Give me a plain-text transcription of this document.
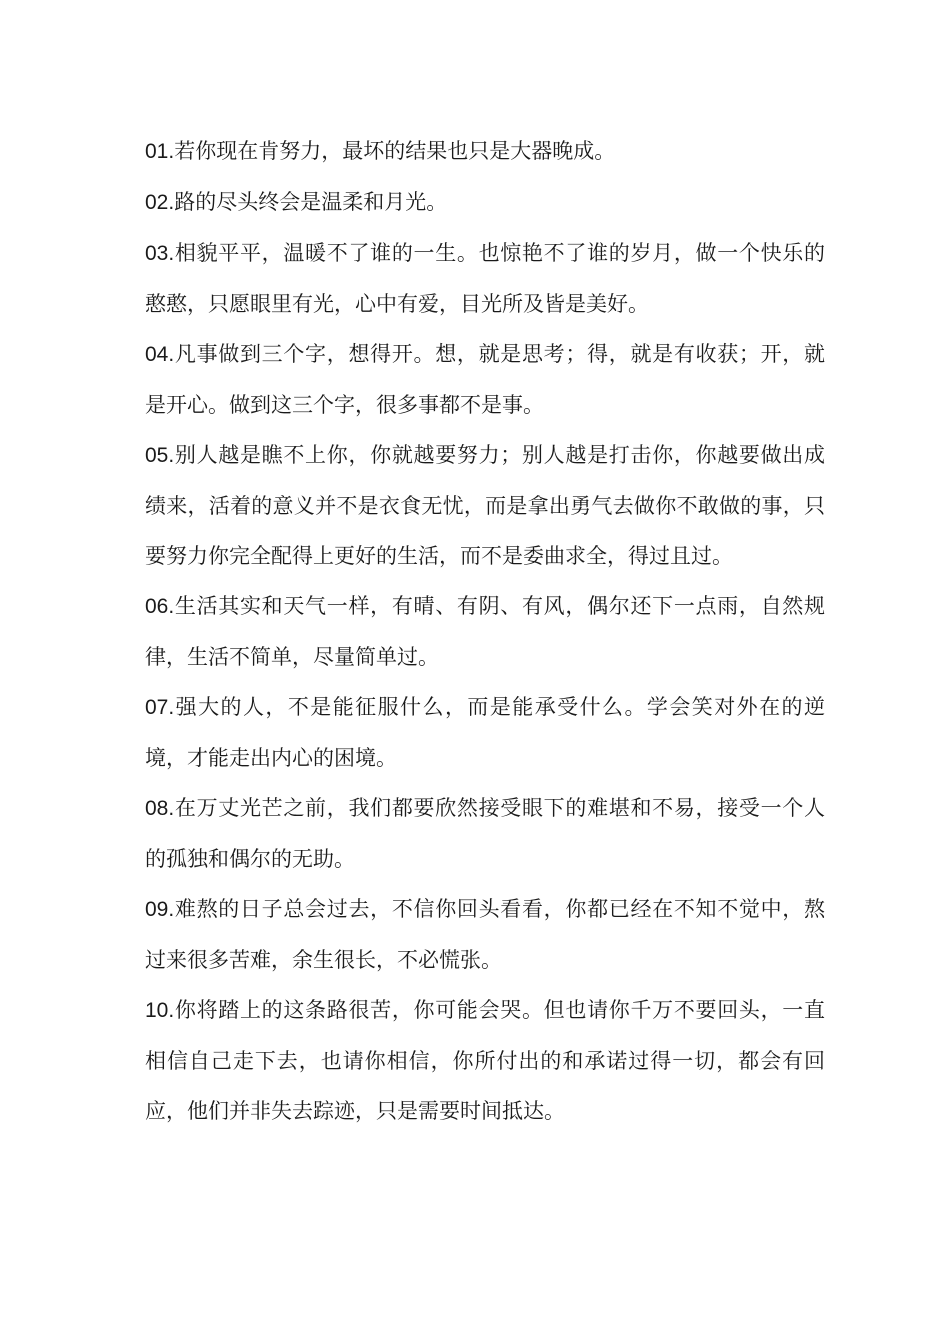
01.若你现在肯努力，最坏的结果也只是大器晚成。

02.路的尽头终会是温柔和月光。

03.相貌平平，温暖不了谁的一生。也惊艳不了谁的岁月，做一个快乐的憨憨，只愿眼里有光，心中有爱，目光所及皆是美好。

04.凡事做到三个字，想得开。想，就是思考；得，就是有收获；开，就是开心。做到这三个字，很多事都不是事。

05.别人越是瞧不上你，你就越要努力；别人越是打击你，你越要做出成绩来，活着的意义并不是衣食无忧，而是拿出勇气去做你不敢做的事，只要努力你完全配得上更好的生活，而不是委曲求全，得过且过。

06.生活其实和天气一样，有晴、有阴、有风，偶尔还下一点雨，自然规律，生活不简单，尽量简单过。

07.强大的人，不是能征服什么，而是能承受什么。学会笑对外在的逆境，才能走出内心的困境。

08.在万丈光芒之前，我们都要欣然接受眼下的难堪和不易，接受一个人的孤独和偶尔的无助。

09.难熬的日子总会过去，不信你回头看看，你都已经在不知不觉中，熬过来很多苦难，余生很长，不必慌张。

10.你将踏上的这条路很苦，你可能会哭。但也请你千万不要回头，一直相信自己走下去，也请你相信，你所付出的和承诺过得一切，都会有回应，他们并非失去踪迹，只是需要时间抵达。
